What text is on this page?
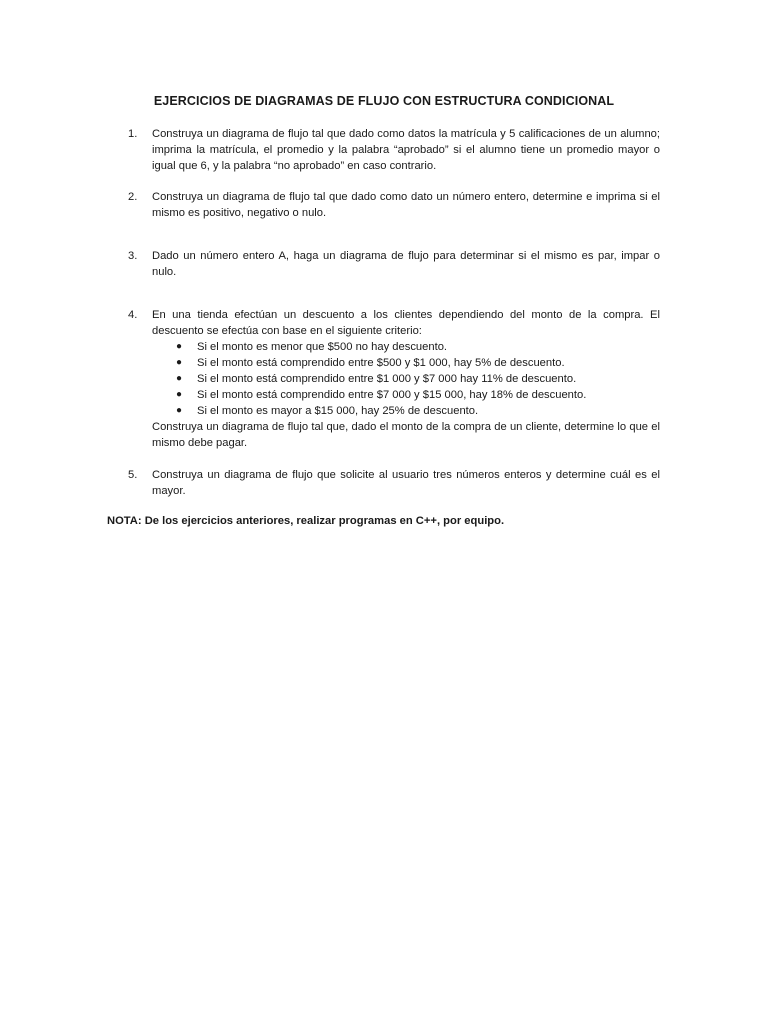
EJERCICIOS DE DIAGRAMAS DE FLUJO CON ESTRUCTURA CONDICIONAL
1. Construya un diagrama de flujo tal que dado como datos la matrícula y 5 calificaciones de un alumno; imprima la matrícula, el promedio y la palabra “aprobado” si el alumno tiene un promedio mayor o igual que 6, y la palabra “no aprobado” en caso contrario.

2. Construya un diagrama de flujo tal que dado como dato un número entero, determine e imprima si el mismo es positivo, negativo o nulo.

3. Dado un número entero A, haga un diagrama de flujo para determinar si el mismo es par, impar o nulo.

4. En una tienda efectúan un descuento a los clientes dependiendo del monto de la compra. El descuento se efectúa con base en el siguiente criterio:

● Si el monto es menor que $500 no hay descuento.
● Si el monto está comprendido entre $500 y $1 000, hay 5% de descuento.
● Si el monto está comprendido entre $1 000 y $7 000 hay 11% de descuento.
● Si el monto está comprendido entre $7 000 y $15 000, hay 18% de descuento.
● Si el monto es mayor a $15 000, hay 25% de descuento.

Construya un diagrama de flujo tal que, dado el monto de la compra de un cliente, determine lo que el mismo debe pagar.

5. Construya un diagrama de flujo que solicite al usuario tres números enteros y determine cuál es el mayor.

NOTA: De los ejercicios anteriores, realizar programas en C++, por equipo.
